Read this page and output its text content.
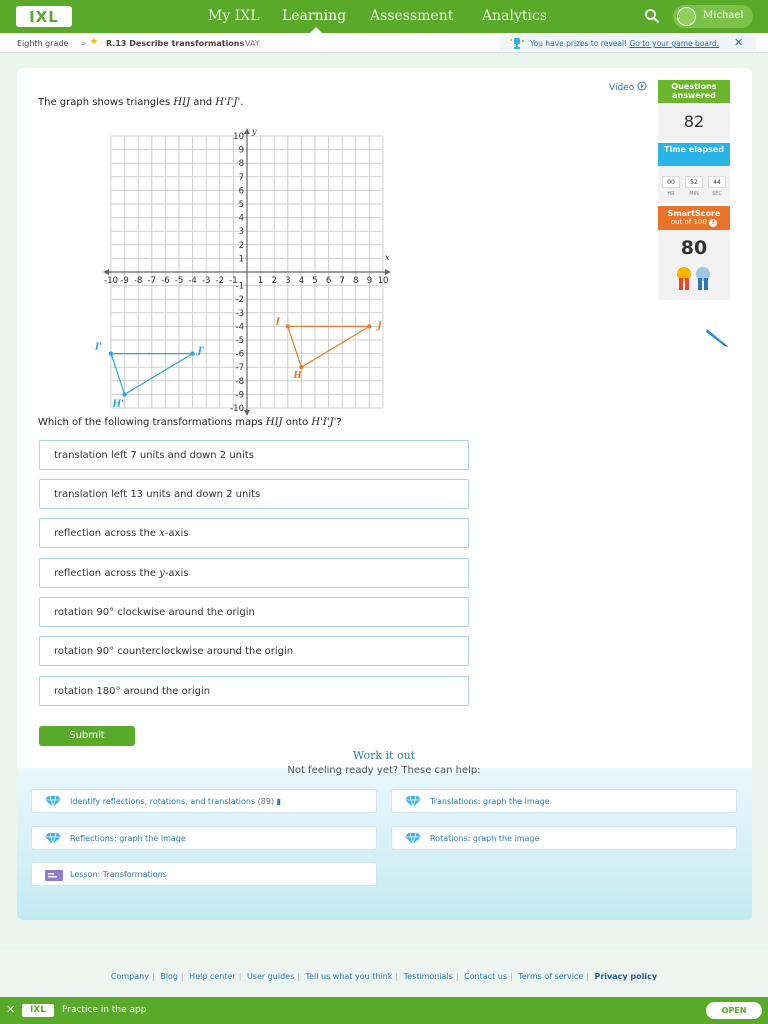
IXL	My IXL Learning Assessment Analytics	Michael
Eighth grade > ★ R.13 Describe transformations VAY	You have prizes to reveal! Go to your game board. ✕
The graph shows triangles HIJ and H'I'J'.
Video	Questions answered
82
Time elapsed
00	52	44
HR	MIN	SEC
SmartScore
out of 100 ?
80
x
y
-10 -9 -8 -7 -6 -5 -4 -3 -2 -1 1 2 3 4 5 6 7 8 9 10
-10
-9
-8
-7
-6
-5
-4
-3
-2
-1
1
2
3
4
5
6
7
8
9
10
H
I	J
H'
I'	J'
Which of the following transformations maps HIJ onto H'I'J'?
translation left 7 units and down 2 units
translation left 13 units and down 2 units
reflection across the x-axis
reflection across the y-axis
rotation 90° clockwise around the origin
rotation 90° counterclockwise around the origin
rotation 180° around the origin
Submit
Work it out
Not feeling ready yet? These can help:
Identify reflections, rotations, and translations (89) ▮	Translations: graph the image
Reflections: graph the image	Rotations: graph the image
Lesson: Transformations
Company | Blog | Help center | User guides | Tell us what you think | Testimonials | Contact us | Terms of service | Privacy policy
✕	IXL	Practice in the app	OPEN
